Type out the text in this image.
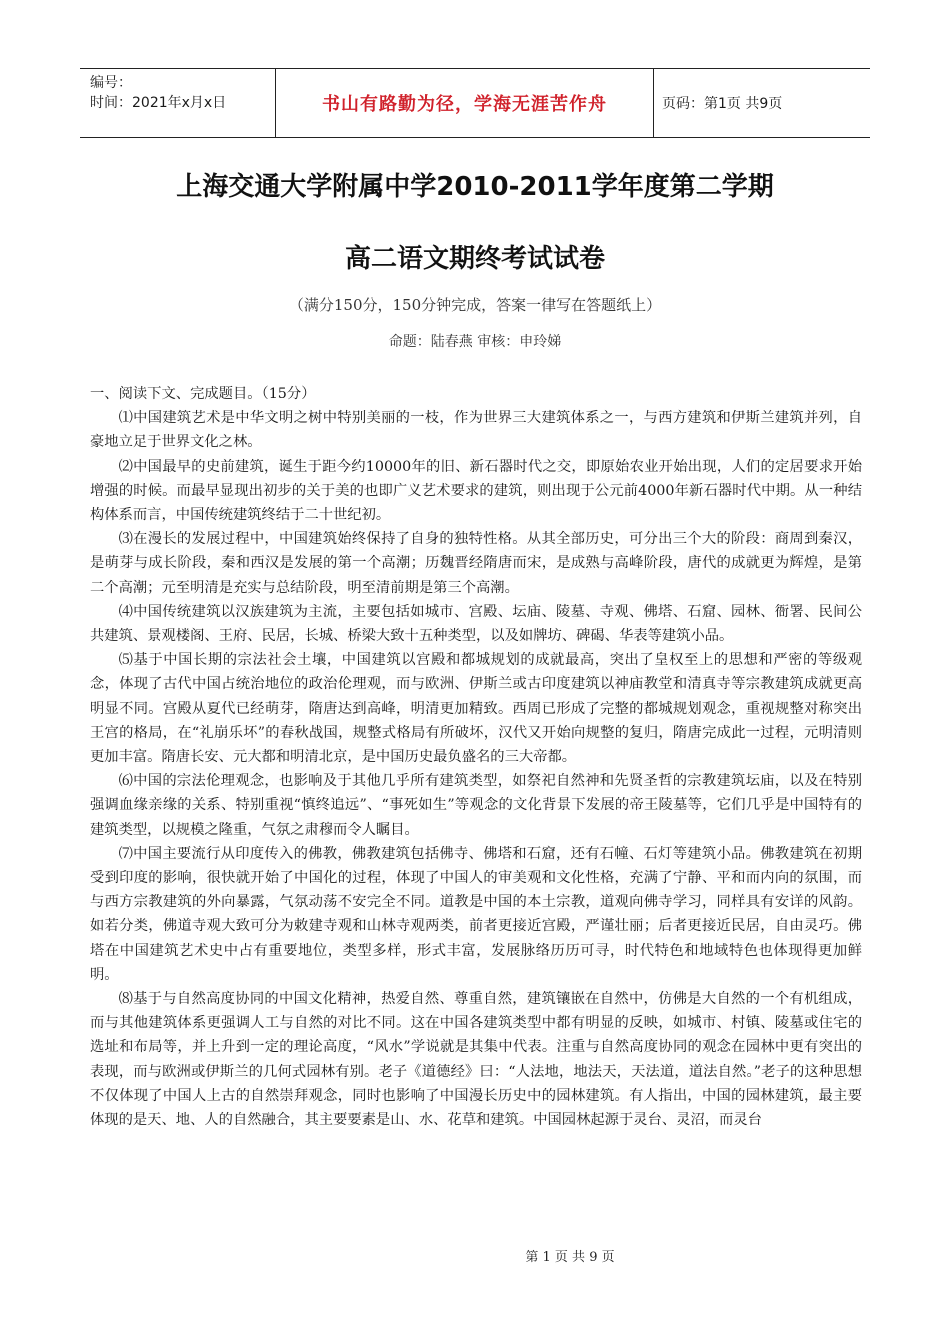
编号：
时间：2021年x月x日	书山有路勤为径，学海无涯苦作舟	页码：第1页 共9页
上海交通大学附属中学2010-2011学年度第二学期
高二语文期终考试试卷
（满分150分，150分钟完成，答案一律写在答题纸上）
命题：陆春燕 审核：申玲娣

一、阅读下文、完成题目。（15分）

⑴中国建筑艺术是中华文明之树中特别美丽的一枝，作为世界三大建筑体系之一，与西方建筑和伊斯兰建筑并列，自豪地立足于世界文化之林。

⑵中国最早的史前建筑，诞生于距今约10000年的旧、新石器时代之交，即原始农业开始出现，人们的定居要求开始增强的时候。而最早显现出初步的关于美的也即广义艺术要求的建筑，则出现于公元前4000年新石器时代中期。从一种结构体系而言，中国传统建筑终结于二十世纪初。

⑶在漫长的发展过程中，中国建筑始终保持了自身的独特性格。从其全部历史，可分出三个大的阶段：商周到秦汉，是萌芽与成长阶段，秦和西汉是发展的第一个高潮；历魏晋经隋唐而宋，是成熟与高峰阶段，唐代的成就更为辉煌，是第二个高潮；元至明清是充实与总结阶段，明至清前期是第三个高潮。

⑷中国传统建筑以汉族建筑为主流，主要包括如城市、宫殿、坛庙、陵墓、寺观、佛塔、石窟、园林、衙署、民间公共建筑、景观楼阁、王府、民居，长城、桥梁大致十五种类型，以及如牌坊、碑碣、华表等建筑小品。

⑸基于中国长期的宗法社会土壤，中国建筑以宫殿和都城规划的成就最高，突出了皇权至上的思想和严密的等级观念，体现了古代中国占统治地位的政治伦理观，而与欧洲、伊斯兰或古印度建筑以神庙教堂和清真寺等宗教建筑成就更高明显不同。宫殿从夏代已经萌芽，隋唐达到高峰，明清更加精致。西周已形成了完整的都城规划观念，重视规整对称突出王宫的格局，在“礼崩乐坏”的春秋战国，规整式格局有所破坏，汉代又开始向规整的复归，隋唐完成此一过程，元明清则更加丰富。隋唐长安、元大都和明清北京，是中国历史最负盛名的三大帝都。

⑹中国的宗法伦理观念，也影响及于其他几乎所有建筑类型，如祭祀自然神和先贤圣哲的宗教建筑坛庙，以及在特别强调血缘亲缘的关系、特别重视“慎终追远”、“事死如生”等观念的文化背景下发展的帝王陵墓等，它们几乎是中国特有的建筑类型，以规模之隆重，气氛之肃穆而令人瞩目。

⑺中国主要流行从印度传入的佛教，佛教建筑包括佛寺、佛塔和石窟，还有石幢、石灯等建筑小品。佛教建筑在初期受到印度的影响，很快就开始了中国化的过程，体现了中国人的审美观和文化性格，充满了宁静、平和而内向的氛围，而与西方宗教建筑的外向暴露，气氛动荡不安完全不同。道教是中国的本土宗教，道观向佛寺学习，同样具有安详的风韵。如若分类，佛道寺观大致可分为敕建寺观和山林寺观两类，前者更接近宫殿，严谨壮丽；后者更接近民居，自由灵巧。佛塔在中国建筑艺术史中占有重要地位，类型多样，形式丰富，发展脉络历历可寻，时代特色和地域特色也体现得更加鲜明。

⑻基于与自然高度协同的中国文化精神，热爱自然、尊重自然，建筑镶嵌在自然中，仿佛是大自然的一个有机组成，而与其他建筑体系更强调人工与自然的对比不同。这在中国各建筑类型中都有明显的反映，如城市、村镇、陵墓或住宅的选址和布局等，并上升到一定的理论高度，“风水”学说就是其集中代表。注重与自然高度协同的观念在园林中更有突出的表现，而与欧洲或伊斯兰的几何式园林有别。老子《道德经》曰：“人法地，地法天，天法道，道法自然。”老子的这种思想不仅体现了中国人上古的自然崇拜观念，同时也影响了中国漫长历史中的园林建筑。有人指出，中国的园林建筑，最主要体现的是天、地、人的自然融合，其主要要素是山、水、花草和建筑。中国园林起源于灵台、灵沼，而灵台

第 1 页 共 9 页
